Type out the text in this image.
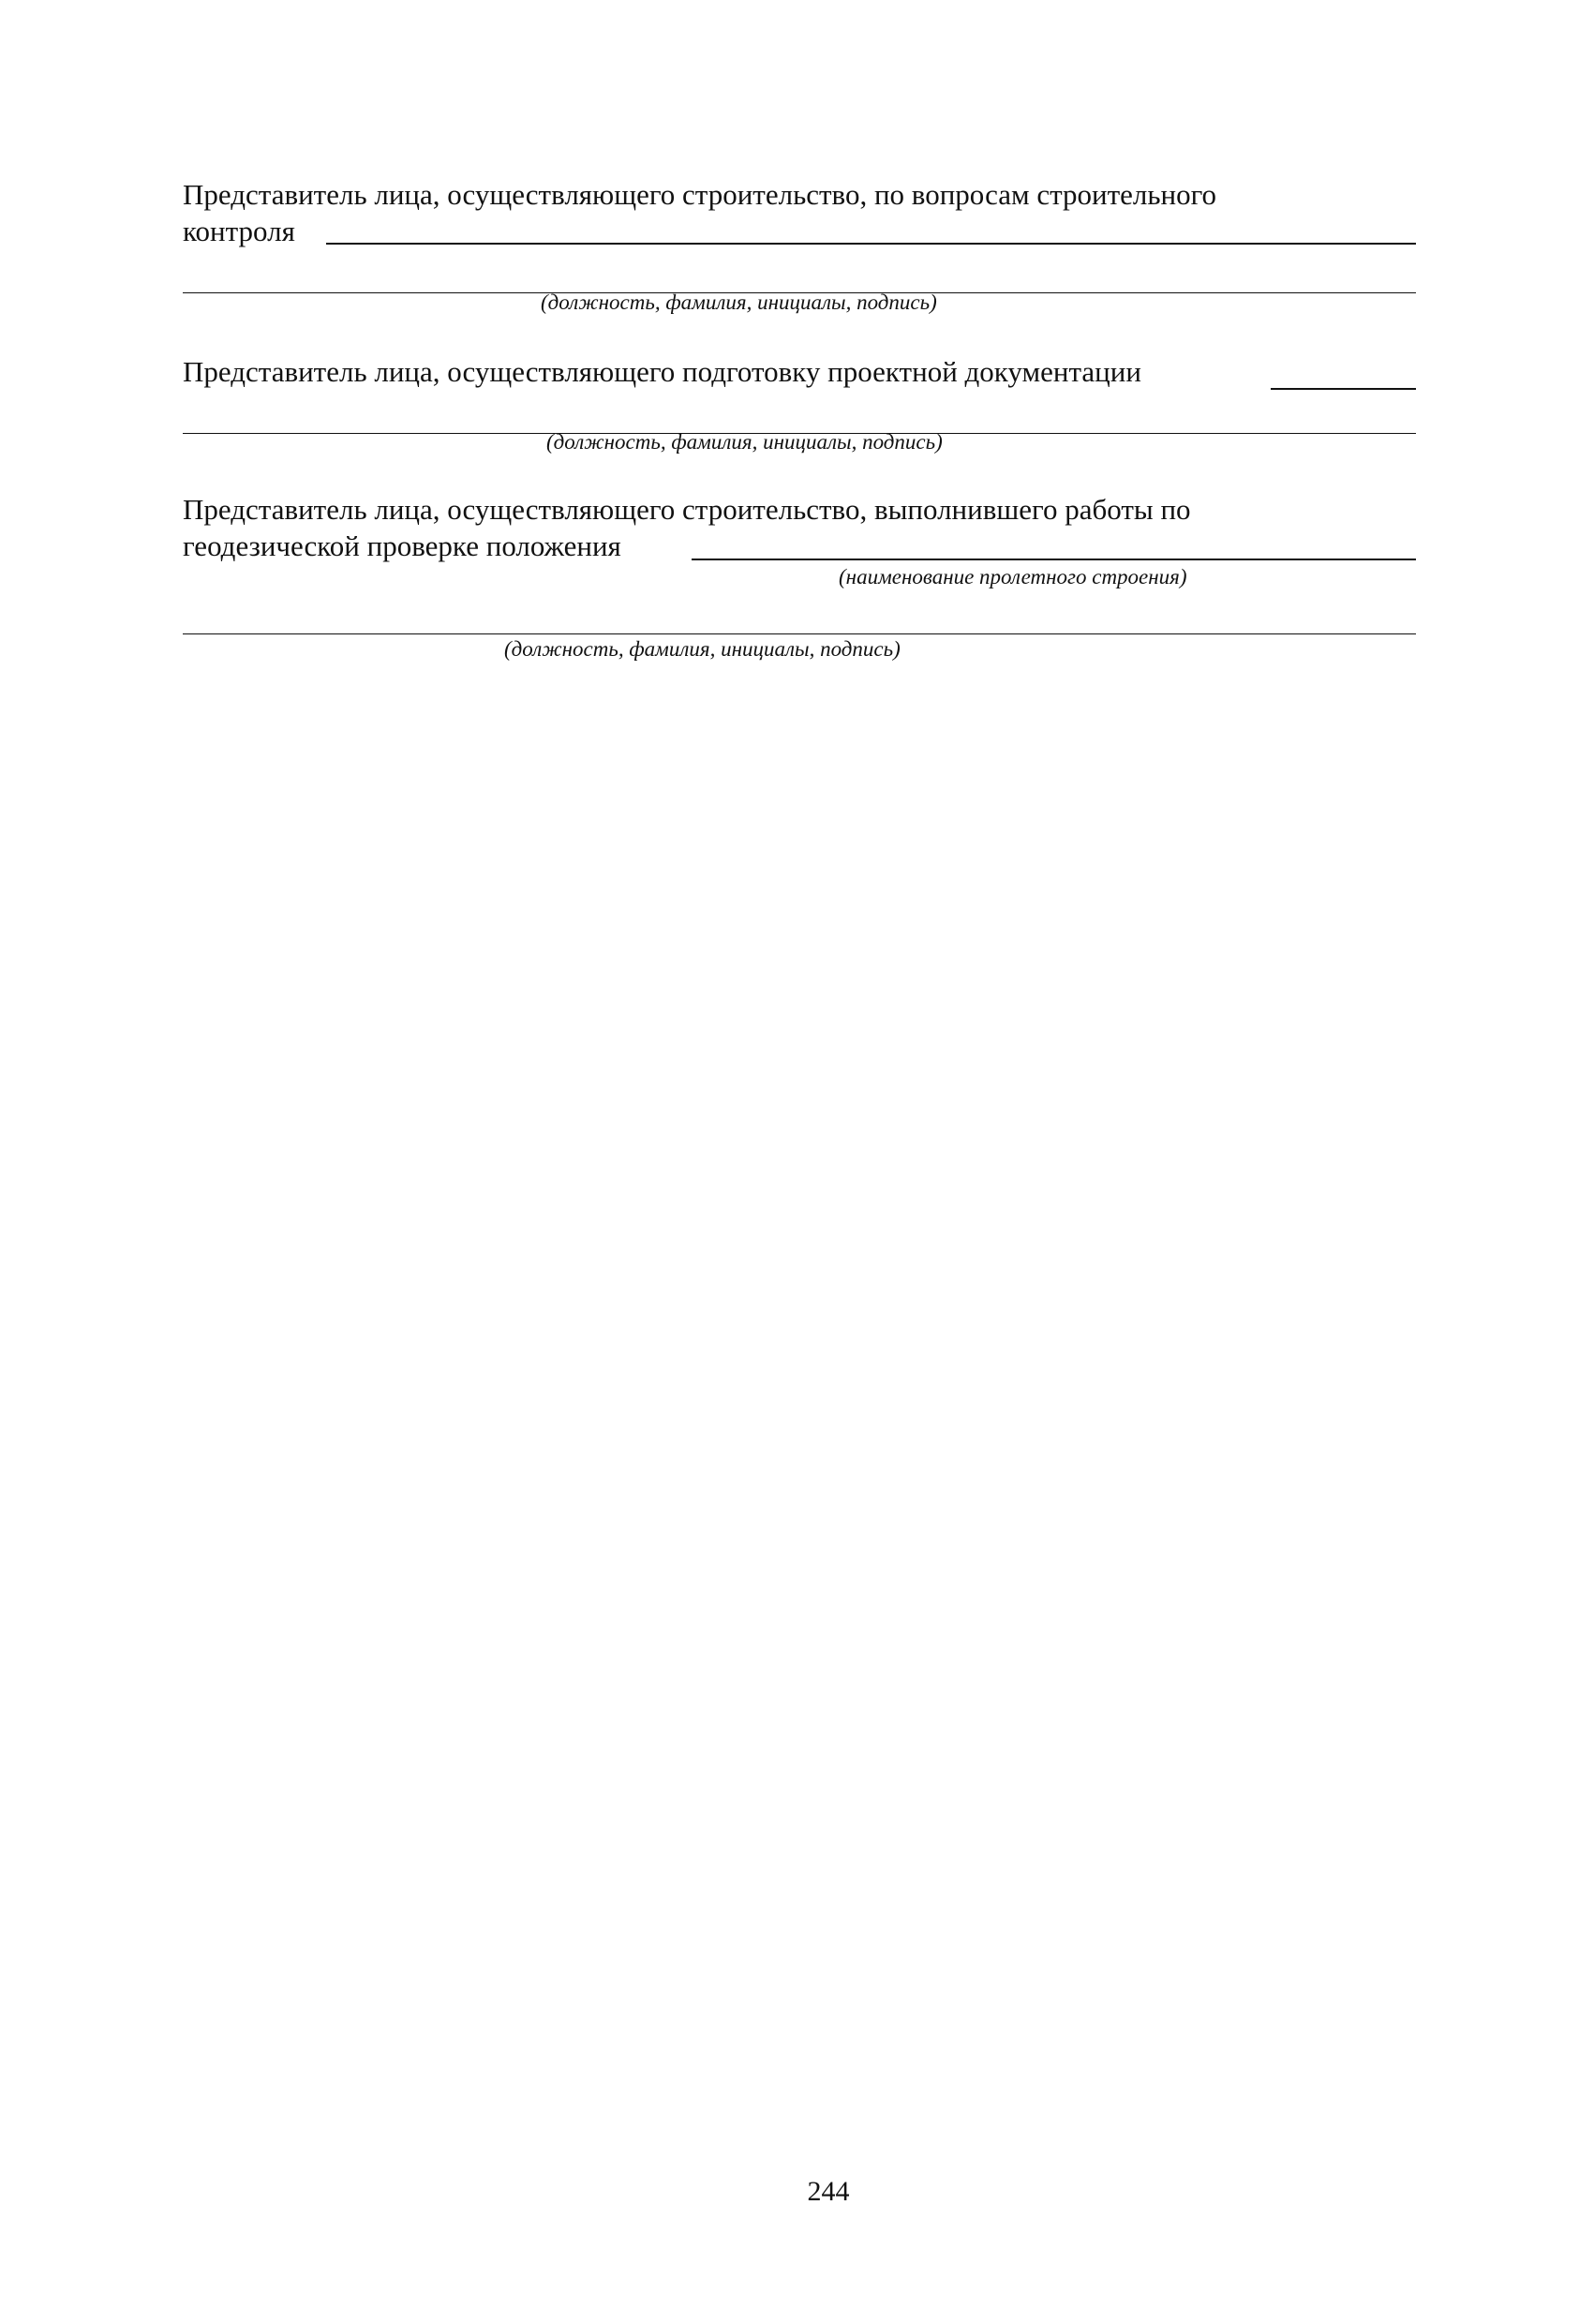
Представитель лица, осуществляющего строительство, по вопросам строительного
контроля
(должность, фамилия, инициалы, подпись)
Представитель лица, осуществляющего подготовку проектной документации
(должность, фамилия, инициалы, подпись)
Представитель лица, осуществляющего строительство, выполнившего работы по
геодезической проверке положения
(наименование пролетного строения)
(должность, фамилия, инициалы, подпись)
244
